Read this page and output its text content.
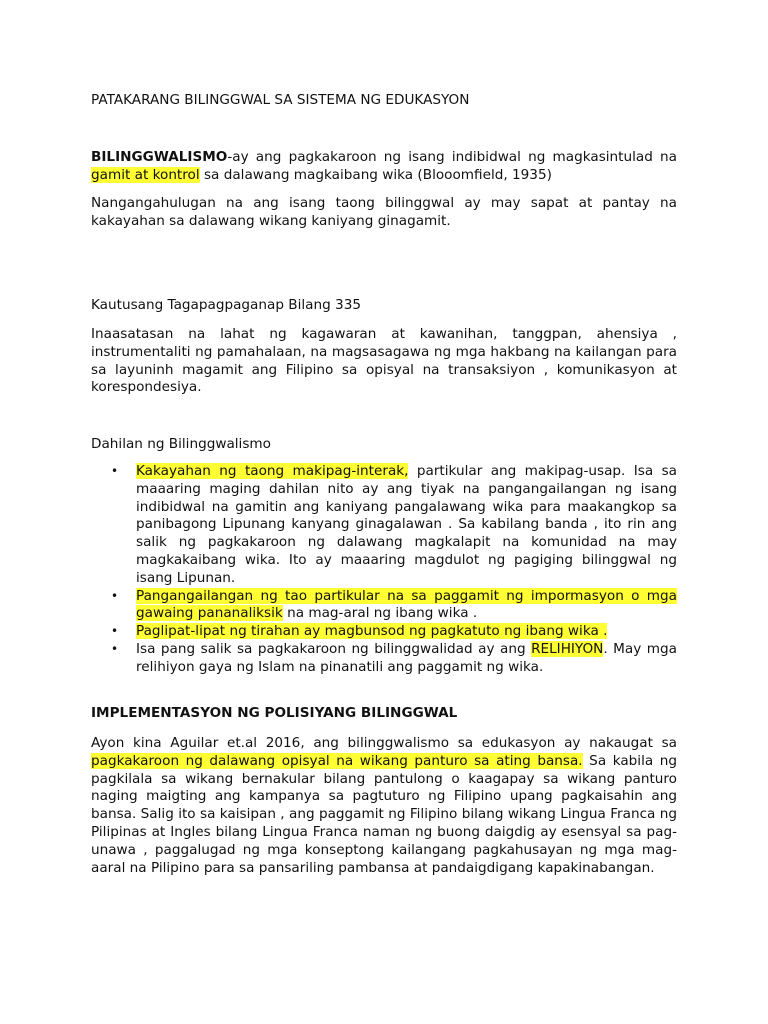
PATAKARANG BILINGGWAL SA SISTEMA NG EDUKASYON

BILINGGWALISMO-ay ang pagkakaroon ng isang indibidwal ng magkasintulad na gamit at kontrol sa dalawang magkaibang wika (Blooomfield, 1935)

Nangangahulugan na ang isang taong bilinggwal ay may sapat at pantay na kakayahan sa dalawang wikang kaniyang ginagamit.

Kautusang Tagapagpaganap Bilang 335

Inaasatasan na lahat ng kagawaran at kawanihan, tanggpan, ahensiya , instrumentaliti ng pamahalaan, na magsasagawa ng mga hakbang na kailangan para sa layuninh magamit ang Filipino sa opisyal na transaksiyon , komunikasyon at korespondesiya.

Dahilan ng Bilinggwalismo

• Kakayahan ng taong makipag-interak, partikular ang makipag-usap. Isa sa maaaring maging dahilan nito ay ang tiyak na pangangailangan ng isang indibidwal na gamitin ang kaniyang pangalawang wika para maakangkop sa panibagong Lipunang kanyang ginagalawan . Sa kabilang banda , ito rin ang salik ng pagkakaroon ng dalawang magkalapit na komunidad na may magkakaibang wika. Ito ay maaaring magdulot ng pagiging bilinggwal ng isang Lipunan.
• Pangangailangan ng tao partikular na sa paggamit ng impormasyon o mga gawaing pananaliksik na mag-aral ng ibang wika .
• Paglipat-lipat ng tirahan ay magbunsod ng pagkatuto ng ibang wika .
• Isa pang salik sa pagkakaroon ng bilinggwalidad ay ang RELIHIYON. May mga relihiyon gaya ng Islam na pinanatili ang paggamit ng wika.

IMPLEMENTASYON NG POLISIYANG BILINGGWAL

Ayon kina Aguilar et.al 2016, ang bilinggwalismo sa edukasyon ay nakaugat sa pagkakaroon ng dalawang opisyal na wikang panturo sa ating bansa. Sa kabila ng pagkilala sa wikang bernakular bilang pantulong o kaagapay sa wikang panturo naging maigting ang kampanya sa pagtuturo ng Filipino upang pagkaisahin ang bansa. Salig ito sa kaisipan , ang paggamit ng Filipino bilang wikang Lingua Franca ng Pilipinas at Ingles bilang Lingua Franca naman ng buong daigdig ay esensyal sa pag-unawa , paggalugad ng mga konseptong kailangang pagkahusayan ng mga mag-aaral na Pilipino para sa pansariling pambansa at pandaigdigang kapakinabangan.
